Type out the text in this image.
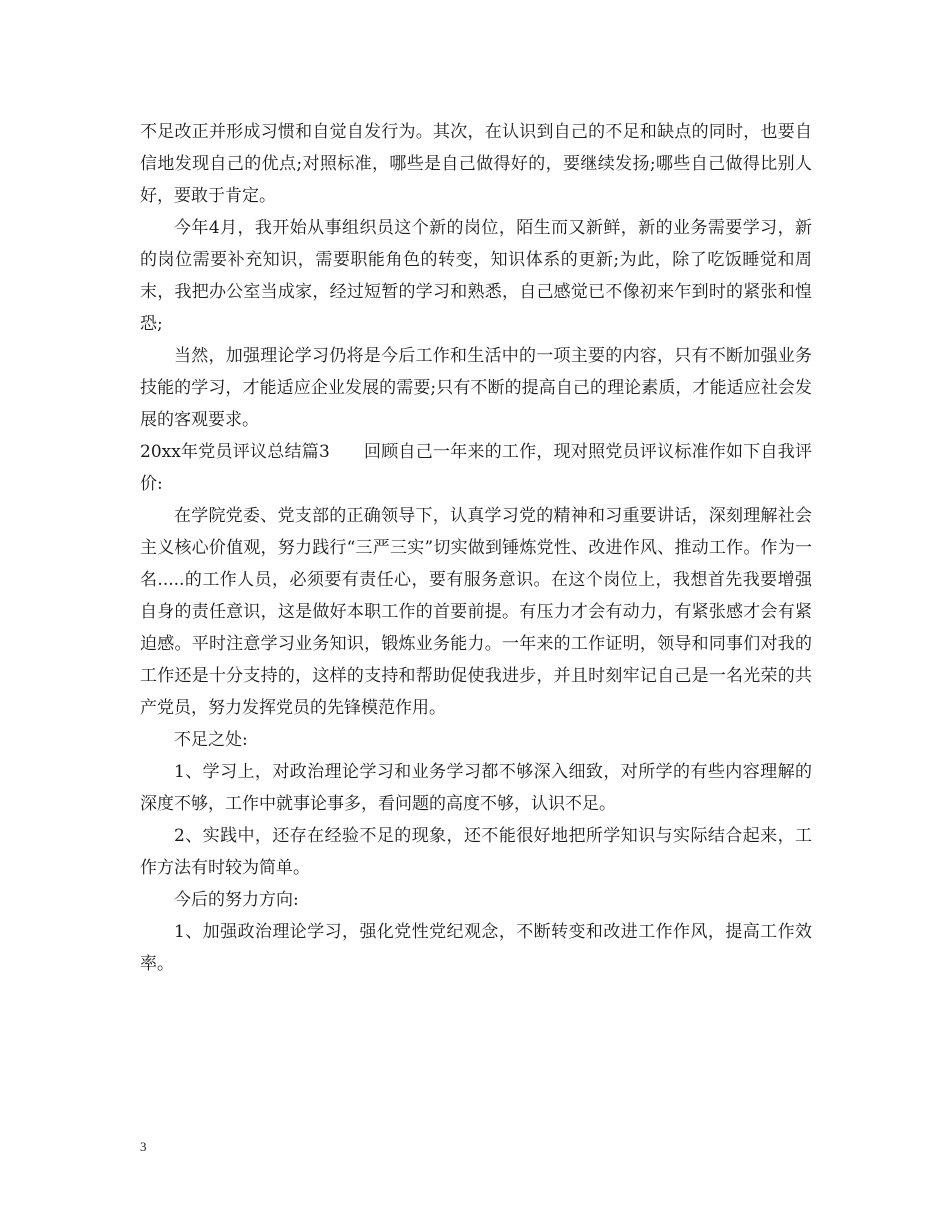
不足改正并形成习惯和自觉自发行为。其次，在认识到自己的不足和缺点的同时，也要自信地发现自己的优点;对照标准，哪些是自己做得好的，要继续发扬;哪些自己做得比别人好，要敢于肯定。

今年4月，我开始从事组织员这个新的岗位，陌生而又新鲜，新的业务需要学习，新的岗位需要补充知识，需要职能角色的转变，知识体系的更新;为此，除了吃饭睡觉和周末，我把办公室当成家，经过短暂的学习和熟悉，自己感觉已不像初来乍到时的紧张和惶恐;

当然，加强理论学习仍将是今后工作和生活中的一项主要的内容，只有不断加强业务技能的学习，才能适应企业发展的需要;只有不断的提高自己的理论素质，才能适应社会发展的客观要求。

20xx年党员评议总结篇3 回顾自己一年来的工作，现对照党员评议标准作如下自我评价:

在学院党委、党支部的正确领导下，认真学习党的精神和习重要讲话，深刻理解社会主义核心价值观，努力践行“三严三实”切实做到锤炼党性、改进作风、推动工作。作为一名.....的工作人员，必须要有责任心，要有服务意识。在这个岗位上，我想首先我要增强自身的责任意识，这是做好本职工作的首要前提。有压力才会有动力，有紧张感才会有紧迫感。平时注意学习业务知识，锻炼业务能力。一年来的工作证明，领导和同事们对我的工作还是十分支持的，这样的支持和帮助促使我进步，并且时刻牢记自己是一名光荣的共产党员，努力发挥党员的先锋模范作用。

不足之处:

1、学习上，对政治理论学习和业务学习都不够深入细致，对所学的有些内容理解的深度不够，工作中就事论事多，看问题的高度不够，认识不足。

2、实践中，还存在经验不足的现象，还不能很好地把所学知识与实际结合起来，工作方法有时较为简单。

今后的努力方向:

1、加强政治理论学习，强化党性党纪观念，不断转变和改进工作作风，提高工作效率。

3
